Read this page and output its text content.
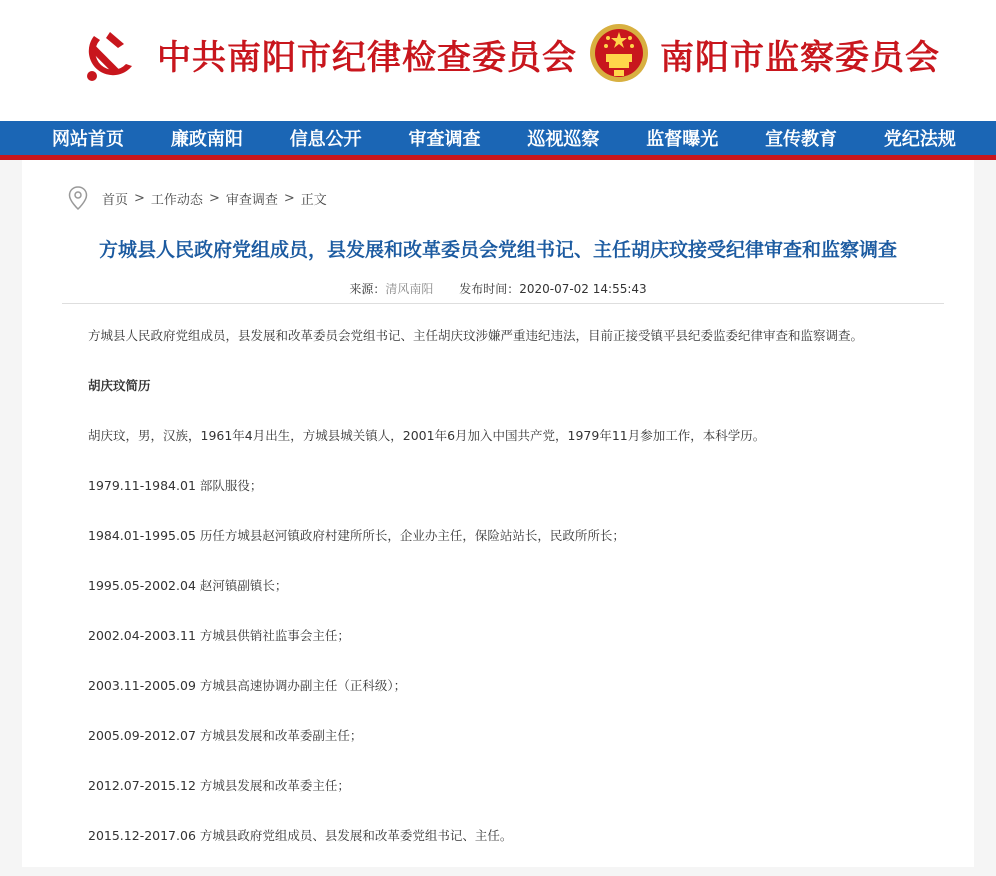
中共南阳市纪律检查委员会 南阳市监察委员会
网站首页	廉政南阳	信息公开	审查调查	巡视巡察	监督曝光	宣传教育	党纪法规
首页 > 工作动态 > 审查调查 > 正文
方城县人民政府党组成员，县发展和改革委员会党组书记、主任胡庆玟接受纪律审查和监察调查
来源：清风南阳 发布时间：2020-07-02 14:55:43
方城县人民政府党组成员，县发展和改革委员会党组书记、主任胡庆玟涉嫌严重违纪违法，目前正接受镇平县纪委监委纪律审查和监察调查。
胡庆玟简历
胡庆玟，男，汉族，1961年4月出生，方城县城关镇人，2001年6月加入中国共产党，1979年11月参加工作，本科学历。
1979.11-1984.01 部队服役；
1984.01-1995.05 历任方城县赵河镇政府村建所所长，企业办主任，保险站站长，民政所所长；
1995.05-2002.04 赵河镇副镇长；
2002.04-2003.11 方城县供销社监事会主任；
2003.11-2005.09 方城县高速协调办副主任（正科级）；
2005.09-2012.07 方城县发展和改革委副主任；
2012.07-2015.12 方城县发展和改革委主任；
2015.12-2017.06 方城县政府党组成员、县发展和改革委党组书记、主任。
